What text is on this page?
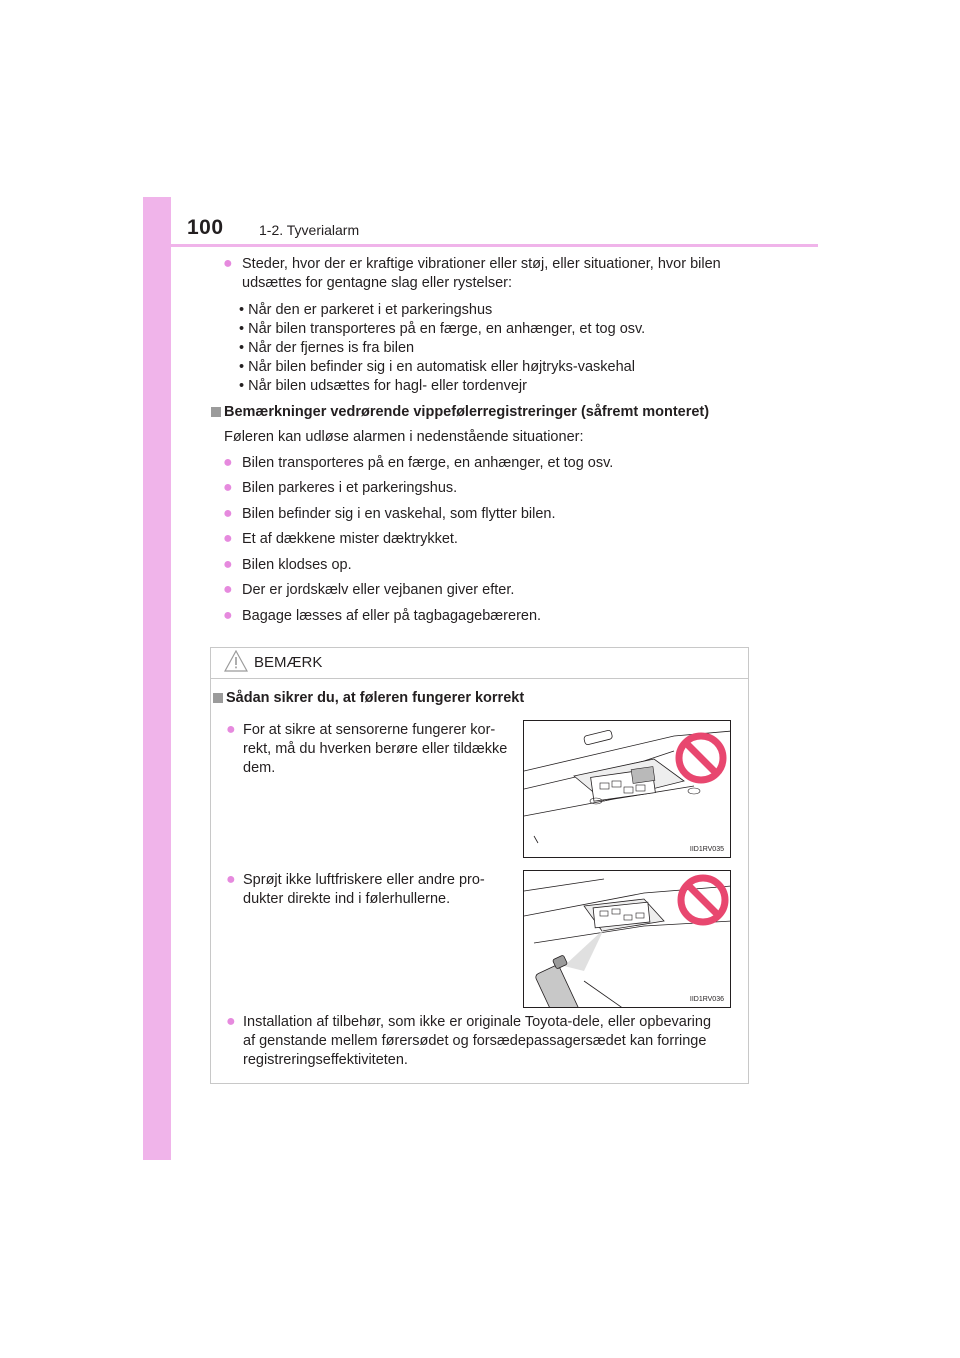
100	1-2. Tyverialarm
● Steder, hvor der er kraftige vibrationer eller støj, eller situationer, hvor bilen
udsættes for gentagne slag eller rystelser:
• Når den er parkeret i et parkeringshus
• Når bilen transporteres på en færge, en anhænger, et tog osv.
• Når der fjernes is fra bilen
• Når bilen befinder sig i en automatisk eller højtryks-vaskehal
• Når bilen udsættes for hagl- eller tordenvejr
Bemærkninger vedrørende vippefølerregistreringer (såfremt monteret)
Føleren kan udløse alarmen i nedenstående situationer:
● Bilen transporteres på en færge, en anhænger, et tog osv.
● Bilen parkeres i et parkeringshus.
● Bilen befinder sig i en vaskehal, som flytter bilen.
● Et af dækkene mister dæktrykket.
● Bilen klodses op.
● Der er jordskælv eller vejbanen giver efter.
● Bagage læsses af eller på tagbagagebæreren.
BEMÆRK
Sådan sikrer du, at føleren fungerer korrekt
● For at sikre at sensorerne fungerer kor-
rekt, må du hverken berøre eller tildække
dem.
IID1RV035
● Sprøjt ikke luftfriskere eller andre pro-
dukter direkte ind i følerhullerne.
IID1RV036
● Installation af tilbehør, som ikke er originale Toyota-dele, eller opbevaring
af genstande mellem førersødet og forsædepassagersædet kan forringe
registreringseffektiviteten.
